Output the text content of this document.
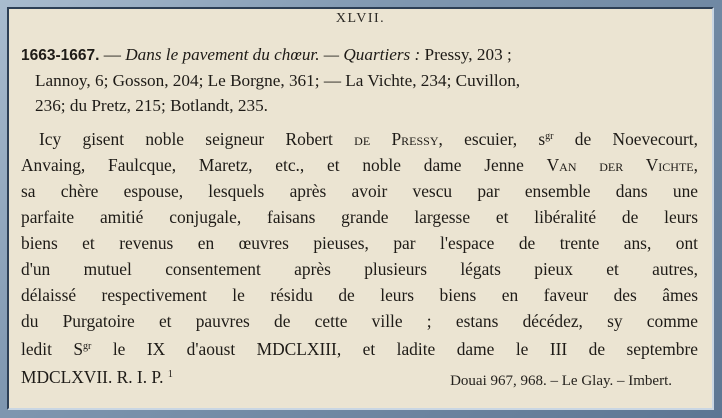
XLVII.
1663-1667. — Dans le pavement du chœur. — Quartiers : Pressy, 203 ;
Lannoy, 6; Gosson, 204; Le Borgne, 361; — La Vichte, 234; Cuvillon,
236; du Pretz, 215; Botlandt, 235.
Icy gisent noble seigneur Robert de Pressy, escuier, $s^{gr}$ de Noevecourt,
Anvaing, Faulcque, Maretz, etc., et noble dame Jenne Van der Vichte,
sa chère espouse, lesquels après avoir vescu par ensemble dans une
parfaite amitié conjugale, faisans grande largesse et libéralité de leurs
biens et revenus en œuvres pieuses, par l'espace de trente ans, ont
d'un mutuel consentement après plusieurs légats pieux et autres,
délaissé respectivement le résidu de leurs biens en faveur des âmes
du Purgatoire et pauvres de cette ville ; estans décédez, sy comme
ledit $S^{gr}$ le IX d'aoust MDCLXIII, et ladite dame le III de septembre
MDCLXVII. R. I. P. $^1$	Douai 967, 968. – Le Glay. – Imbert.
